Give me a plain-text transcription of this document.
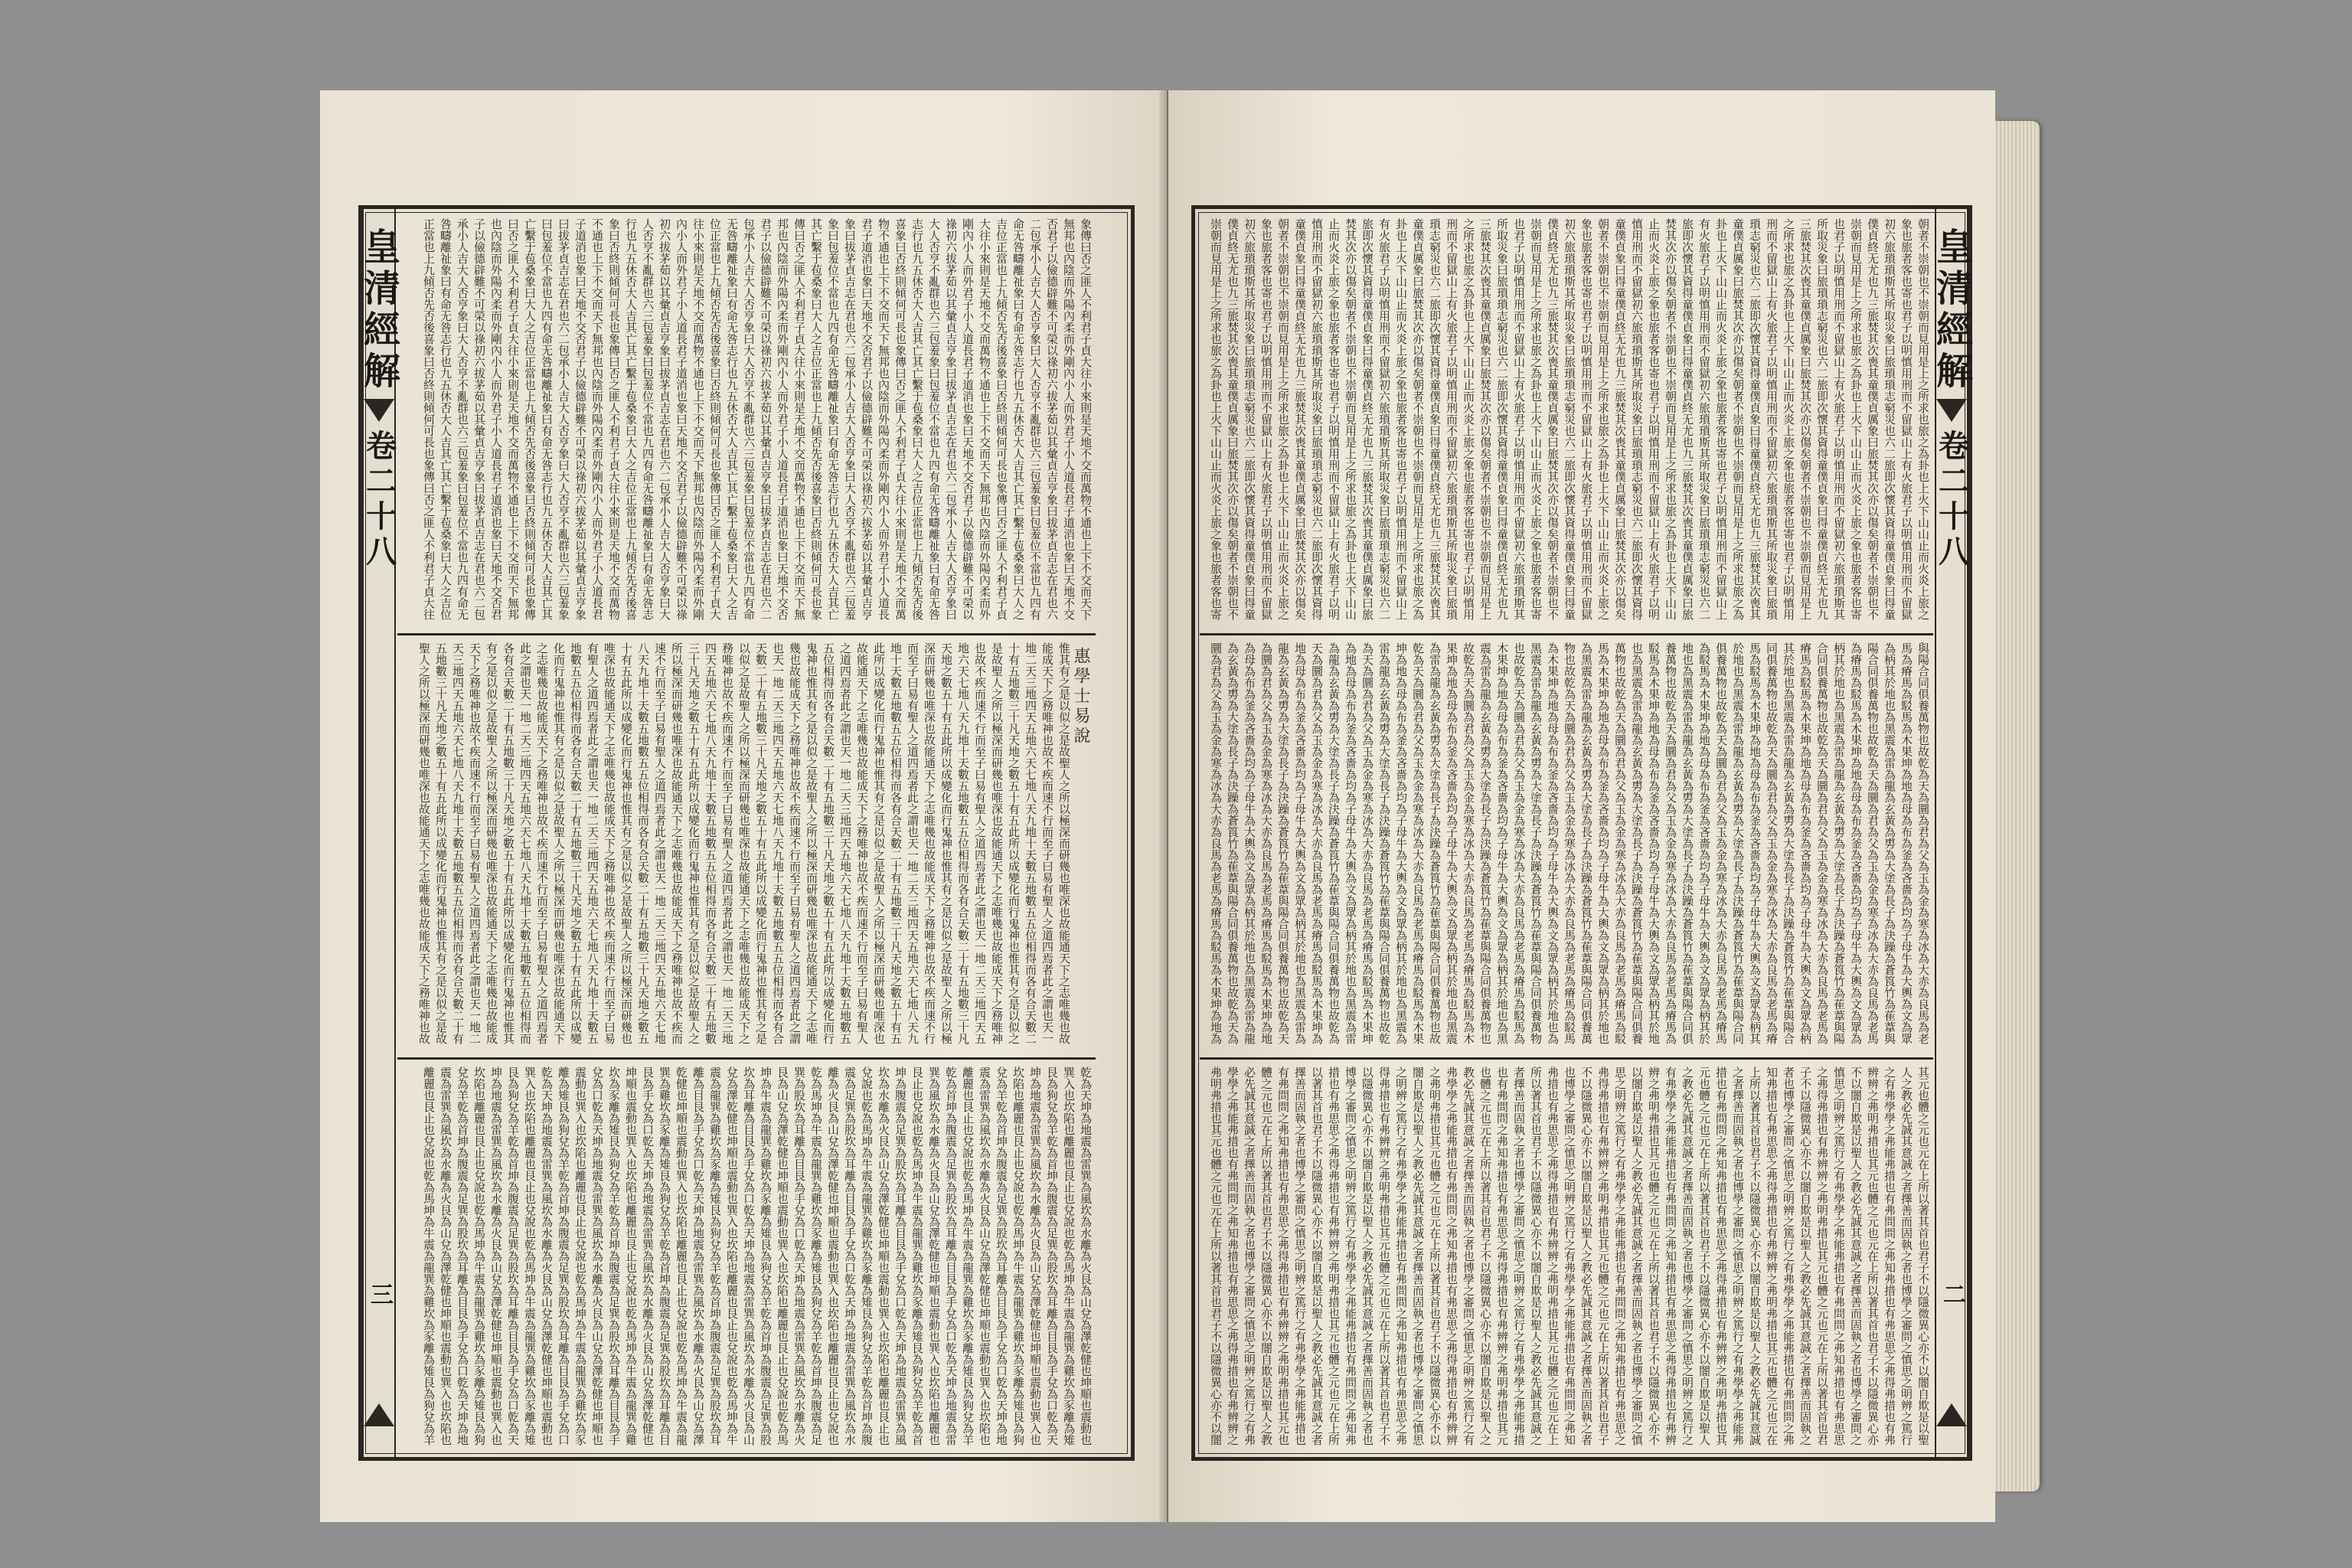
皇清經解
卷二十八
三
象傳曰否之匪人不利君子貞大往小來則是天地不交而萬物不通也上下不交而天下
無邦也內陰而外陽內柔而外剛內小人而外君子小人道長君子道消也象曰天地不交
否君子以儉德辟難不可榮以祿初六拔茅茹以其彙貞吉亨象曰拔茅貞吉志在君也六
二包承小人吉大人否亨象曰大人否亨不亂群也六三包羞象曰包羞位不當也九四有
命无咎疇離祉象曰有命无咎志行也九五休否大人吉其亡其亡繫于苞桑象曰大人之
吉位正當也上九傾否先否後喜象曰否終則傾何可長也象傳曰否之匪人不利君子貞
大往小來則是天地不交而萬物不通也上下不交而天下無邦也內陰而外陽內柔而外
剛內小人而外君子小人道長君子道消也象曰天地不交否君子以儉德辟難不可榮以
祿初六拔茅茹以其彙貞吉亨象曰拔茅貞吉志在君也六二包承小人吉大人否亨象曰
大人否亨不亂群也六三包羞象曰包羞位不當也九四有命无咎疇離祉象曰有命无咎
志行也九五休否大人吉其亡其亡繫于苞桑象曰大人之吉位正當也上九傾否先否後
喜象曰否終則傾何可長也象傳曰否之匪人不利君子貞大往小來則是天地不交而萬
物不通也上下不交而天下無邦也內陰而外陽內柔而外剛內小人而外君子小人道長
君子道消也象曰天地不交否君子以儉德辟難不可榮以祿初六拔茅茹以其彙貞吉亨
象曰拔茅貞吉志在君也六二包承小人吉大人否亨象曰大人否亨不亂群也六三包羞
象曰包羞位不當也九四有命无咎疇離祉象曰有命无咎志行也九五休否大人吉其亡
其亡繫于苞桑象曰大人之吉位正當也上九傾否先否後喜象曰否終則傾何可長也象
傳曰否之匪人不利君子貞大往小來則是天地不交而萬物不通也上下不交而天下無
邦也內陰而外陽內柔而外剛內小人而外君子小人道長君子道消也象曰天地不交否
君子以儉德辟難不可榮以祿初六拔茅茹以其彙貞吉亨象曰拔茅貞吉志在君也六二
包承小人吉大人否亨象曰大人否亨不亂群也六三包羞象曰包羞位不當也九四有命
无咎疇離祉象曰有命无咎志行也九五休否大人吉其亡其亡繫于苞桑象曰大人之吉
位正當也上九傾否先否後喜象曰否終則傾何可長也象傳曰否之匪人不利君子貞大
往小來則是天地不交而萬物不通也上下不交而天下無邦也內陰而外陽內柔而外剛
內小人而外君子小人道長君子道消也象曰天地不交否君子以儉德辟難不可榮以祿
初六拔茅茹以其彙貞吉亨象曰拔茅貞吉志在君也六二包承小人吉大人否亨象曰大
人否亨不亂群也六三包羞象曰包羞位不當也九四有命无咎疇離祉象曰有命无咎志
行也九五休否大人吉其亡其亡繫于苞桑象曰大人之吉位正當也上九傾否先否後喜
象曰否終則傾何可長也象傳曰否之匪人不利君子貞大往小來則是天地不交而萬物
不通也上下不交而天下無邦也內陰而外陽內柔而外剛內小人而外君子小人道長君
子道消也象曰天地不交否君子以儉德辟難不可榮以祿初六拔茅茹以其彙貞吉亨象
曰拔茅貞吉志在君也六二包承小人吉大人否亨象曰大人否亨不亂群也六三包羞象
曰包羞位不當也九四有命无咎疇離祉象曰有命无咎志行也九五休否大人吉其亡其
亡繫于苞桑象曰大人之吉位正當也上九傾否先否後喜象曰否終則傾何可長也象傳
曰否之匪人不利君子貞大往小來則是天地不交而萬物不通也上下不交而天下無邦
也內陰而外陽內柔而外剛內小人而外君子小人道長君子道消也象曰天地不交否君
子以儉德辟難不可榮以祿初六拔茅茹以其彙貞吉亨象曰拔茅貞吉志在君也六二包
承小人吉大人否亨象曰大人否亨不亂群也六三包羞象曰包羞位不當也九四有命无
咎疇離祉象曰有命无咎志行也九五休否大人吉其亡其亡繫于苞桑象曰大人之吉位
正當也上九傾否先否後喜象曰否終則傾何可長也象傳曰否之匪人不利君子貞大往
惠學士易說
惟其有之是以似之是故聖人之所以極深而研幾也唯深也故能通天下之志唯幾也故
能成天下之務唯神也故不疾而速不行而至子曰易有聖人之道四焉者此之謂也天一
地二天三地四天五地六天七地八天九地十天數五地數五五位相得而各有合天數二
十有五地數三十凡天地之數五十有五此所以成變化而行鬼神也惟其有之是以似之
是故聖人之所以極深而研幾也唯深也故能通天下之志唯幾也故能成天下之務唯神
也故不疾而速不行而至子曰易有聖人之道四焉者此之謂也天一地二天三地四天五
地六天七地八天九地十天數五地數五五位相得而各有合天數二十有五地數三十凡
天地之數五十有五此所以成變化而行鬼神也惟其有之是以似之是故聖人之所以極
深而研幾也唯深也故能通天下之志唯幾也故能成天下之務唯神也故不疾而速不行
而至子曰易有聖人之道四焉者此之謂也天一地二天三地四天五地六天七地八天九
地十天數五地數五五位相得而各有合天數二十有五地數三十凡天地之數五十有五
此所以成變化而行鬼神也惟其有之是以似之是故聖人之所以極深而研幾也唯深也
故能通天下之志唯幾也故能成天下之務唯神也故不疾而速不行而至子曰易有聖人
之道四焉者此之謂也天一地二天三地四天五地六天七地八天九地十天數五地數五
五位相得而各有合天數二十有五地數三十凡天地之數五十有五此所以成變化而行
鬼神也惟其有之是以似之是故聖人之所以極深而研幾也唯深也故能通天下之志唯
幾也故能成天下之務唯神也故不疾而速不行而至子曰易有聖人之道四焉者此之謂
也天一地二天三地四天五地六天七地八天九地十天數五地數五五位相得而各有合
天數二十有五地數三十凡天地之數五十有五此所以成變化而行鬼神也惟其有之是
以似之是故聖人之所以極深而研幾也唯深也故能通天下之志唯幾也故能成天下之
務唯神也故不疾而速不行而至子曰易有聖人之道四焉者此之謂也天一地二天三地
四天五地六天七地八天九地十天數五地數五五位相得而各有合天數二十有五地數
三十凡天地之數五十有五此所以成變化而行鬼神也惟其有之是以似之是故聖人之
所以極深而研幾也唯深也故能通天下之志唯幾也故能成天下之務唯神也故不疾而
速不行而至子曰易有聖人之道四焉者此之謂也天一地二天三地四天五地六天七地
八天九地十天數五地數五五位相得而各有合天數二十有五地數三十凡天地之數五
十有五此所以成變化而行鬼神也惟其有之是以似之是故聖人之所以極深而研幾也
唯深也故能通天下之志唯幾也故能成天下之務唯神也故不疾而速不行而至子曰易
有聖人之道四焉者此之謂也天一地二天三地四天五地六天七地八天九地十天數五
地數五五位相得而各有合天數二十有五地數三十凡天地之數五十有五此所以成變
化而行鬼神也惟其有之是以似之是故聖人之所以極深而研幾也唯深也故能通天下
之志唯幾也故能成天下之務唯神也故不疾而速不行而至子曰易有聖人之道四焉者
此之謂也天一地二天三地四天五地六天七地八天九地十天數五地數五五位相得而
各有合天數二十有五地數三十凡天地之數五十有五此所以成變化而行鬼神也惟其
有之是以似之是故聖人之所以極深而研幾也唯深也故能通天下之志唯幾也故能成
天下之務唯神也故不疾而速不行而至子曰易有聖人之道四焉者此之謂也天一地二
天三地四天五地六天七地八天九地十天數五地數五五位相得而各有合天數二十有
五地數三十凡天地之數五十有五此所以成變化而行鬼神也惟其有之是以似之是故
聖人之所以極深而研幾也唯深也故能通天下之志唯幾也故能成天下之務唯神也故
乾為天坤為地震為雷巽為風坎為水離為火艮為山兌為澤乾健也坤順也震動也
巽入也坎陷也離麗也艮止也兌說也乾為馬坤為牛震為龍巽為雞坎為豕離為雉
艮為狗兌為羊乾為首坤為腹震為足巽為股坎為耳離為目艮為手兌為口乾為天
坤為地震為雷巽為風坎為水離為火艮為山兌為澤乾健也坤順也震動也巽入也
坎陷也離麗也艮止也兌說也乾為馬坤為牛震為龍巽為雞坎為豕離為雉艮為狗
兌為羊乾為首坤為腹震為足巽為股坎為耳離為目艮為手兌為口乾為天坤為地
震為雷巽為風坎為水離為火艮為山兌為澤乾健也坤順也震動也巽入也坎陷也
離麗也艮止也兌說也乾為馬坤為牛震為龍巽為雞坎為豕離為雉艮為狗兌為羊
乾為首坤為腹震為足巽為股坎為耳離為目艮為手兌為口乾為天坤為地震為雷
巽為風坎為水離為火艮為山兌為澤乾健也坤順也震動也巽入也坎陷也離麗也
艮止也兌說也乾為馬坤為牛震為龍巽為雞坎為豕離為雉艮為狗兌為羊乾為首
坤為腹震為足巽為股坎為耳離為目艮為手兌為口乾為天坤為地震為雷巽為風
坎為水離為火艮為山兌為澤乾健也坤順也震動也巽入也坎陷也離麗也艮止也
兌說也乾為馬坤為牛震為龍巽為雞坎為豕離為雉艮為狗兌為羊乾為首坤為腹
震為足巽為股坎為耳離為目艮為手兌為口乾為天坤為地震為雷巽為風坎為水
離為火艮為山兌為澤乾健也坤順也震動也巽入也坎陷也離麗也艮止也兌說也
乾為馬坤為牛震為龍巽為雞坎為豕離為雉艮為狗兌為羊乾為首坤為腹震為足
巽為股坎為耳離為目艮為手兌為口乾為天坤為地震為雷巽為風坎為水離為火
艮為山兌為澤乾健也坤順也震動也巽入也坎陷也離麗也艮止也兌說也乾為馬
坤為牛震為龍巽為雞坎為豕離為雉艮為狗兌為羊乾為首坤為腹震為足巽為股
坎為耳離為目艮為手兌為口乾為天坤為地震為雷巽為風坎為水離為火艮為山
兌為澤乾健也坤順也震動也巽入也坎陷也離麗也艮止也兌說也乾為馬坤為牛
震為龍巽為雞坎為豕離為雉艮為狗兌為羊乾為首坤為腹震為足巽為股坎為耳
離為目艮為手兌為口乾為天坤為地震為雷巽為風坎為水離為火艮為山兌為澤
乾健也坤順也震動也巽入也坎陷也離麗也艮止也兌說也乾為馬坤為牛震為龍
巽為雞坎為豕離為雉艮為狗兌為羊乾為首坤為腹震為足巽為股坎為耳離為目
艮為手兌為口乾為天坤為地震為雷巽為風坎為水離為火艮為山兌為澤乾健也
坤順也震動也巽入也坎陷也離麗也艮止也兌說也乾為馬坤為牛震為龍巽為雞
坎為豕離為雉艮為狗兌為羊乾為首坤為腹震為足巽為股坎為耳離為目艮為手
兌為口乾為天坤為地震為雷巽為風坎為水離為火艮為山兌為澤乾健也坤順也
震動也巽入也坎陷也離麗也艮止也兌說也乾為馬坤為牛震為龍巽為雞坎為豕
離為雉艮為狗兌為羊乾為首坤為腹震為足巽為股坎為耳離為目艮為手兌為口
乾為天坤為地震為雷巽為風坎為水離為火艮為山兌為澤乾健也坤順也震動也
巽入也坎陷也離麗也艮止也兌說也乾為馬坤為牛震為龍巽為雞坎為豕離為雉
艮為狗兌為羊乾為首坤為腹震為足巽為股坎為耳離為目艮為手兌為口乾為天
坤為地震為雷巽為風坎為水離為火艮為山兌為澤乾健也坤順也震動也巽入也
坎陷也離麗也艮止也兌說也乾為馬坤為牛震為龍巽為雞坎為豕離為雉艮為狗
兌為羊乾為首坤為腹震為足巽為股坎為耳離為目艮為手兌為口乾為天坤為地
震為雷巽為風坎為水離為火艮為山兌為澤乾健也坤順也震動也巽入也坎陷也
離麗也艮止也兌說也乾為馬坤為牛震為龍巽為雞坎為豕離為雉艮為狗兌為羊
皇清經解
卷二十八
二
朝者不崇朝也不崇朝而見用是上之所求也旅之為卦也上火下山山止而火炎上旅之
象也旅者客也寄也君子以明慎用刑而不留獄山上有火旅君子以明慎用刑而不留獄
初六旅瑣瑣斯其所取災象曰旅瑣瑣志窮災也六二旅即次懷其資得童僕貞象曰得童
僕貞終无尤也九三旅焚其次喪其童僕貞厲象曰旅焚其次亦以傷矣朝者不崇朝也不
崇朝而見用是上之所求也旅之為卦也上火下山山止而火炎上旅之象也旅者客也寄
也君子以明慎用刑而不留獄山上有火旅君子以明慎用刑而不留獄初六旅瑣瑣斯其
所取災象曰旅瑣瑣志窮災也六二旅即次懷其資得童僕貞象曰得童僕貞終无尤也九
三旅焚其次喪其童僕貞厲象曰旅焚其次亦以傷矣朝者不崇朝也不崇朝而見用是上
之所求也旅之為卦也上火下山山止而火炎上旅之象也旅者客也寄也君子以明慎用
刑而不留獄山上有火旅君子以明慎用刑而不留獄初六旅瑣瑣斯其所取災象曰旅瑣
瑣志窮災也六二旅即次懷其資得童僕貞象曰得童僕貞終无尤也九三旅焚其次喪其
童僕貞厲象曰旅焚其次亦以傷矣朝者不崇朝也不崇朝而見用是上之所求也旅之為
卦也上火下山山止而火炎上旅之象也旅者客也寄也君子以明慎用刑而不留獄山上
有火旅君子以明慎用刑而不留獄初六旅瑣瑣斯其所取災象曰旅瑣瑣志窮災也六二
旅即次懷其資得童僕貞象曰得童僕貞終无尤也九三旅焚其次喪其童僕貞厲象曰旅
焚其次亦以傷矣朝者不崇朝也不崇朝而見用是上之所求也旅之為卦也上火下山山
止而火炎上旅之象也旅者客也寄也君子以明慎用刑而不留獄山上有火旅君子以明
慎用刑而不留獄初六旅瑣瑣斯其所取災象曰旅瑣瑣志窮災也六二旅即次懷其資得
童僕貞象曰得童僕貞終无尤也九三旅焚其次喪其童僕貞厲象曰旅焚其次亦以傷矣
朝者不崇朝也不崇朝而見用是上之所求也旅之為卦也上火下山山止而火炎上旅之
象也旅者客也寄也君子以明慎用刑而不留獄山上有火旅君子以明慎用刑而不留獄
初六旅瑣瑣斯其所取災象曰旅瑣瑣志窮災也六二旅即次懷其資得童僕貞象曰得童
僕貞終无尤也九三旅焚其次喪其童僕貞厲象曰旅焚其次亦以傷矣朝者不崇朝也不
崇朝而見用是上之所求也旅之為卦也上火下山山止而火炎上旅之象也旅者客也寄
也君子以明慎用刑而不留獄山上有火旅君子以明慎用刑而不留獄初六旅瑣瑣斯其
所取災象曰旅瑣瑣志窮災也六二旅即次懷其資得童僕貞象曰得童僕貞終无尤也九
三旅焚其次喪其童僕貞厲象曰旅焚其次亦以傷矣朝者不崇朝也不崇朝而見用是上
之所求也旅之為卦也上火下山山止而火炎上旅之象也旅者客也寄也君子以明慎用
刑而不留獄山上有火旅君子以明慎用刑而不留獄初六旅瑣瑣斯其所取災象曰旅瑣
瑣志窮災也六二旅即次懷其資得童僕貞象曰得童僕貞終无尤也九三旅焚其次喪其
童僕貞厲象曰旅焚其次亦以傷矣朝者不崇朝也不崇朝而見用是上之所求也旅之為
卦也上火下山山止而火炎上旅之象也旅者客也寄也君子以明慎用刑而不留獄山上
有火旅君子以明慎用刑而不留獄初六旅瑣瑣斯其所取災象曰旅瑣瑣志窮災也六二
旅即次懷其資得童僕貞象曰得童僕貞終无尤也九三旅焚其次喪其童僕貞厲象曰旅
焚其次亦以傷矣朝者不崇朝也不崇朝而見用是上之所求也旅之為卦也上火下山山
止而火炎上旅之象也旅者客也寄也君子以明慎用刑而不留獄山上有火旅君子以明
慎用刑而不留獄初六旅瑣瑣斯其所取災象曰旅瑣瑣志窮災也六二旅即次懷其資得
童僕貞象曰得童僕貞終无尤也九三旅焚其次喪其童僕貞厲象曰旅焚其次亦以傷矣
朝者不崇朝也不崇朝而見用是上之所求也旅之為卦也上火下山山止而火炎上旅之
象也旅者客也寄也君子以明慎用刑而不留獄山上有火旅君子以明慎用刑而不留獄
初六旅瑣瑣斯其所取災象曰旅瑣瑣志窮災也六二旅即次懷其資得童僕貞象曰得童
僕貞終无尤也九三旅焚其次喪其童僕貞厲象曰旅焚其次亦以傷矣朝者不崇朝也不
崇朝而見用是上之所求也旅之為卦也上火下山山止而火炎上旅之象也旅者客也寄
與陽合同俱養萬物也故乾為天為圜為君為父為玉為金為寒為冰為大赤為良馬為老
馬為瘠馬為駁馬為木果坤為地為母為布為釜為吝嗇為均為子母牛為大輿為文為眾
為柄其於地也為黑震為雷為龍為玄黃為旉為大塗為長子為決躁為蒼筤竹為萑葦與
陽合同俱養萬物也故乾為天為圜為君為父為玉為金為寒為冰為大赤為良馬為老馬
為瘠馬為駁馬為木果坤為地為母為布為釜為吝嗇為均為子母牛為大輿為文為眾為
柄其於地也為黑震為雷為龍為玄黃為旉為大塗為長子為決躁為蒼筤竹為萑葦與陽
合同俱養萬物也故乾為天為圜為君為父為玉為金為寒為冰為大赤為良馬為老馬為
瘠馬為駁馬為木果坤為地為母為布為釜為吝嗇為均為子母牛為大輿為文為眾為柄
其於地也為黑震為雷為龍為玄黃為旉為大塗為長子為決躁為蒼筤竹為萑葦與陽合
同俱養萬物也故乾為天為圜為君為父為玉為金為寒為冰為大赤為良馬為老馬為瘠
馬為駁馬為木果坤為地為母為布為釜為吝嗇為均為子母牛為大輿為文為眾為柄其
於地也為黑震為雷為龍為玄黃為旉為大塗為長子為決躁為蒼筤竹為萑葦與陽合同
俱養萬物也故乾為天為圜為君為父為玉為金為寒為冰為大赤為良馬為老馬為瘠馬
為駁馬為木果坤為地為母為布為釜為吝嗇為均為子母牛為大輿為文為眾為柄其於
地也為黑震為雷為龍為玄黃為旉為大塗為長子為決躁為蒼筤竹為萑葦與陽合同俱
養萬物也故乾為天為圜為君為父為玉為金為寒為冰為大赤為良馬為老馬為瘠馬為
駁馬為木果坤為地為母為布為釜為吝嗇為均為子母牛為大輿為文為眾為柄其於地
也為黑震為雷為龍為玄黃為旉為大塗為長子為決躁為蒼筤竹為萑葦與陽合同俱養
萬物也故乾為天為圜為君為父為玉為金為寒為冰為大赤為良馬為老馬為瘠馬為駁
馬為木果坤為地為母為布為釜為吝嗇為均為子母牛為大輿為文為眾為柄其於地也
為黑震為雷為龍為玄黃為旉為大塗為長子為決躁為蒼筤竹為萑葦與陽合同俱養萬
物也故乾為天為圜為君為父為玉為金為寒為冰為大赤為良馬為老馬為瘠馬為駁馬
為木果坤為地為母為布為釜為吝嗇為均為子母牛為大輿為文為眾為柄其於地也為
黑震為雷為龍為玄黃為旉為大塗為長子為決躁為蒼筤竹為萑葦與陽合同俱養萬物
也故乾為天為圜為君為父為玉為金為寒為冰為大赤為良馬為老馬為瘠馬為駁馬為
木果坤為地為母為布為釜為吝嗇為均為子母牛為大輿為文為眾為柄其於地也為黑
震為雷為龍為玄黃為旉為大塗為長子為決躁為蒼筤竹為萑葦與陽合同俱養萬物也
故乾為天為圜為君為父為玉為金為寒為冰為大赤為良馬為老馬為瘠馬為駁馬為木
果坤為地為母為布為釜為吝嗇為均為子母牛為大輿為文為眾為柄其於地也為黑震
為雷為龍為玄黃為旉為大塗為長子為決躁為蒼筤竹為萑葦與陽合同俱養萬物也故
乾為天為圜為君為父為玉為金為寒為冰為大赤為良馬為老馬為瘠馬為駁馬為木果
坤為地為母為布為釜為吝嗇為均為子母牛為大輿為文為眾為柄其於地也為黑震為
雷為龍為玄黃為旉為大塗為長子為決躁為蒼筤竹為萑葦與陽合同俱養萬物也故乾
為天為圜為君為父為玉為金為寒為冰為大赤為良馬為老馬為瘠馬為駁馬為木果坤
為地為母為布為釜為吝嗇為均為子母牛為大輿為文為眾為柄其於地也為黑震為雷
為龍為玄黃為旉為大塗為長子為決躁為蒼筤竹為萑葦與陽合同俱養萬物也故乾為
天為圜為君為父為玉為金為寒為冰為大赤為良馬為老馬為瘠馬為駁馬為木果坤為
地為母為布為釜為吝嗇為均為子母牛為大輿為文為眾為柄其於地也為黑震為雷為
龍為玄黃為旉為大塗為長子為決躁為蒼筤竹為萑葦與陽合同俱養萬物也故乾為天
為圜為君為父為玉為金為寒為冰為大赤為良馬為老馬為瘠馬為駁馬為木果坤為地
為母為布為釜為吝嗇為均為子母牛為大輿為文為眾為柄其於地也為黑震為雷為龍
為玄黃為旉為大塗為長子為決躁為蒼筤竹為萑葦與陽合同俱養萬物也故乾為天為
圜為君為父為玉為金為寒為冰為大赤為良馬為老馬為瘠馬為駁馬為木果坤為地為
其元也體之元也元在上所以著其首也君子不以隱微異心亦不以闇自欺是以聖
人之教必先誠其意誠之者擇善而固執之者也博學之審問之慎思之明辨之篤行
之有弗學學之弗能弗措也有弗問問之弗知弗措也有弗思思之弗得弗措也有弗
辨辨之弗明弗措也其元也體之元也元在上所以著其首也君子不以隱微異心亦
不以闇自欺是以聖人之教必先誠其意誠之者擇善而固執之者也博學之審問之
慎思之明辨之篤行之有弗學學之弗能弗措也有弗問問之弗知弗措也有弗思思
之弗得弗措也有弗辨辨之弗明弗措也其元也體之元也元在上所以著其首也君
子不以隱微異心亦不以闇自欺是以聖人之教必先誠其意誠之者擇善而固執之
者也博學之審問之慎思之明辨之篤行之有弗學學之弗能弗措也有弗問問之弗
知弗措也有弗思思之弗得弗措也有弗辨辨之弗明弗措也其元也體之元也元在
上所以著其首也君子不以隱微異心亦不以闇自欺是以聖人之教必先誠其意誠
之者擇善而固執之者也博學之審問之慎思之明辨之篤行之有弗學學之弗能弗
措也有弗問問之弗知弗措也有弗思思之弗得弗措也有弗辨辨之弗明弗措也其
元也體之元也元在上所以著其首也君子不以隱微異心亦不以闇自欺是以聖人
之教必先誠其意誠之者擇善而固執之者也博學之審問之慎思之明辨之篤行之
有弗學學之弗能弗措也有弗問問之弗知弗措也有弗思思之弗得弗措也有弗辨
辨之弗明弗措也其元也體之元也元在上所以著其首也君子不以隱微異心亦不
以闇自欺是以聖人之教必先誠其意誠之者擇善而固執之者也博學之審問之慎
思之明辨之篤行之有弗學學之弗能弗措也有弗問問之弗知弗措也有弗思思之
弗得弗措也有弗辨辨之弗明弗措也其元也體之元也元在上所以著其首也君子
不以隱微異心亦不以闇自欺是以聖人之教必先誠其意誠之者擇善而固執之者
也博學之審問之慎思之明辨之篤行之有弗學學之弗能弗措也有弗問問之弗知
弗措也有弗思思之弗得弗措也有弗辨辨之弗明弗措也其元也體之元也元在上
所以著其首也君子不以隱微異心亦不以闇自欺是以聖人之教必先誠其意誠之
者擇善而固執之者也博學之審問之慎思之明辨之篤行之有弗學學之弗能弗措
也有弗問問之弗知弗措也有弗思思之弗得弗措也有弗辨辨之弗明弗措也其元
也體之元也元在上所以著其首也君子不以隱微異心亦不以闇自欺是以聖人之
教必先誠其意誠之者擇善而固執之者也博學之審問之慎思之明辨之篤行之有
弗學學之弗能弗措也有弗問問之弗知弗措也有弗思思之弗得弗措也有弗辨辨
之弗明弗措也其元也體之元也元在上所以著其首也君子不以隱微異心亦不以
闇自欺是以聖人之教必先誠其意誠之者擇善而固執之者也博學之審問之慎思
之明辨之篤行之有弗學學之弗能弗措也有弗問問之弗知弗措也有弗思思之弗
得弗措也有弗辨辨之弗明弗措也其元也體之元也元在上所以著其首也君子不
以隱微異心亦不以闇自欺是以聖人之教必先誠其意誠之者擇善而固執之者也
博學之審問之慎思之明辨之篤行之有弗學學之弗能弗措也有弗問問之弗知弗
措也有弗思思之弗得弗措也有弗辨辨之弗明弗措也其元也體之元也元在上所
以著其首也君子不以隱微異心亦不以闇自欺是以聖人之教必先誠其意誠之者
擇善而固執之者也博學之審問之慎思之明辨之篤行之有弗學學之弗能弗措也
有弗問問之弗知弗措也有弗思思之弗得弗措也有弗辨辨之弗明弗措也其元也
體之元也元在上所以著其首也君子不以隱微異心亦不以闇自欺是以聖人之教
必先誠其意誠之者擇善而固執之者也博學之審問之慎思之明辨之篤行之有弗
學學之弗能弗措也有弗問問之弗知弗措也有弗思思之弗得弗措也有弗辨辨之
弗明弗措也其元也體之元也元在上所以著其首也君子不以隱微異心亦不以闇
